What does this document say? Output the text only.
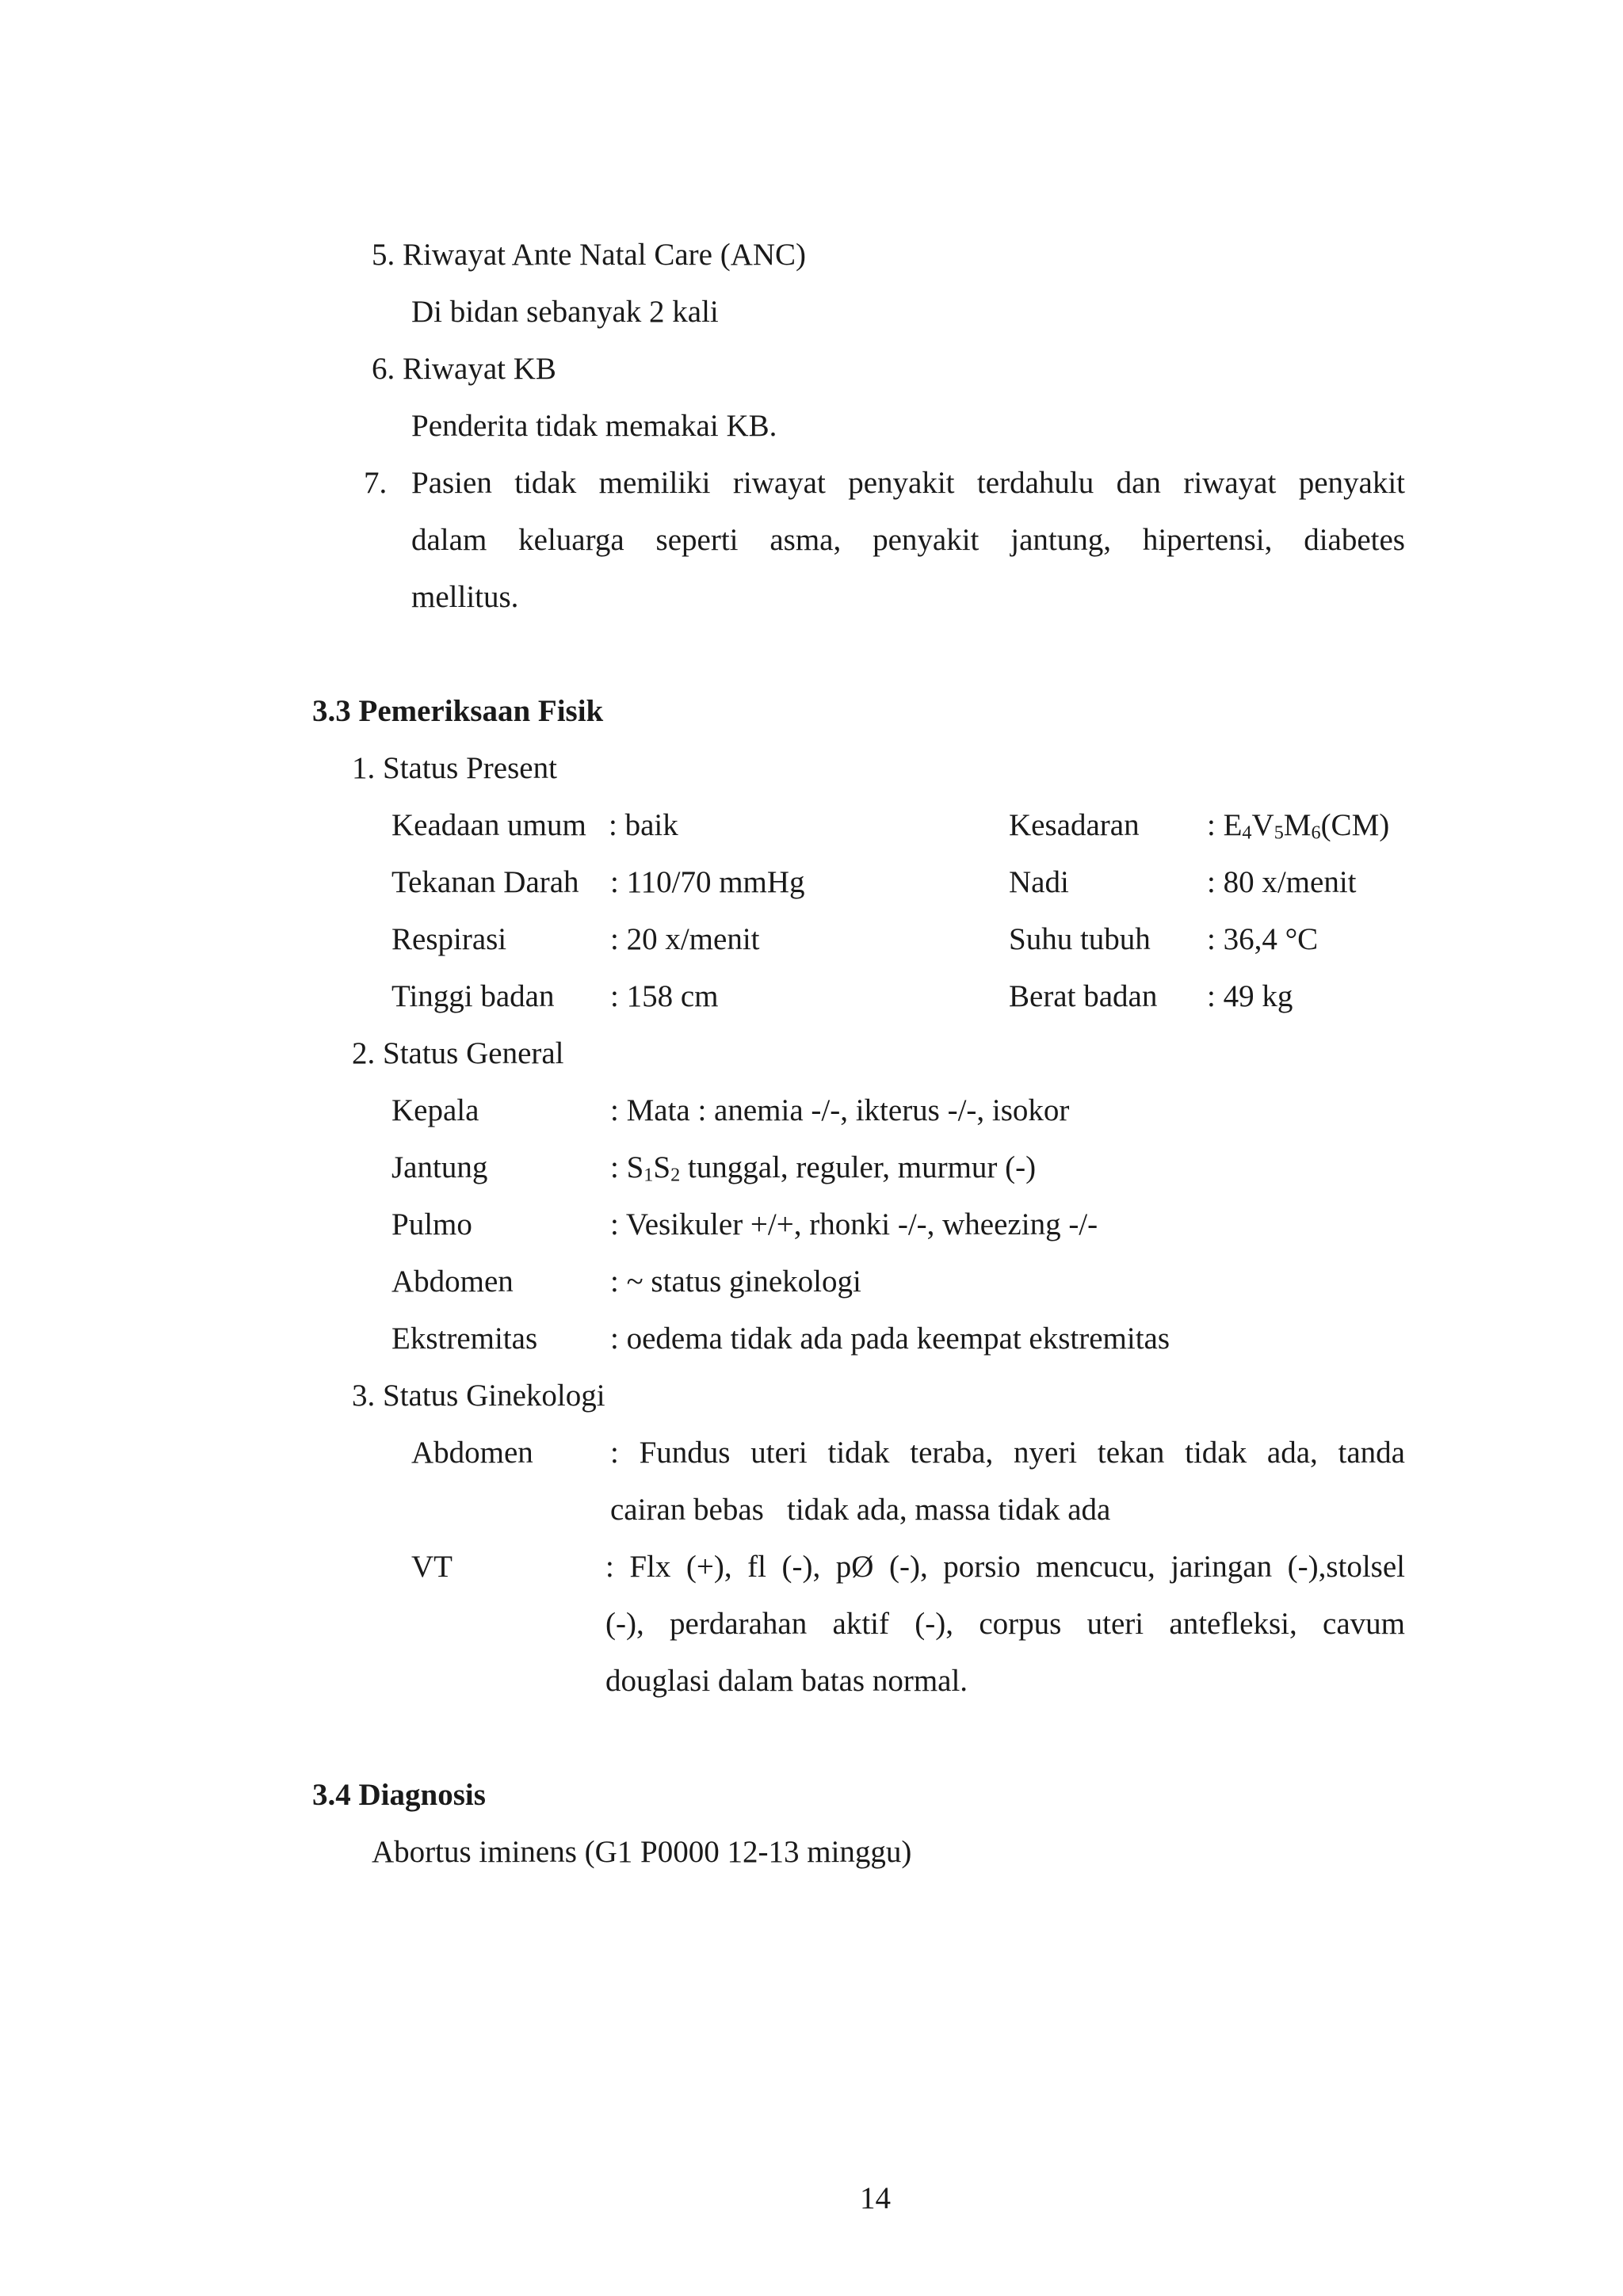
5. Riwayat Ante Natal Care (ANC)
Di bidan sebanyak 2 kali
6. Riwayat KB
Penderita tidak memakai KB.
7. Pasien tidak memiliki riwayat penyakit terdahulu dan riwayat penyakit
dalam keluarga seperti asma, penyakit jantung, hipertensi, diabetes
mellitus.
3.3 Pemeriksaan Fisik
1. Status Present
Keadaan umum : baik	Kesadaran : $E_4V_5M_6(CM)$
Tekanan Darah : 110/70 mmHg	Nadi	: 80 x/menit
Respirasi	: 20 x/menit	Suhu tubuh : 36,4 °C
Tinggi badan : 158 cm	Berat badan : 49 kg
2. Status General
Kepala	: Mata : anemia -/-, ikterus -/-, isokor
Jantung	: $S_1S_2$ tunggal, reguler, murmur (-)
Pulmo	: Vesikuler +/+, rhonki -/-, wheezing -/-
Abdomen	: ~ status ginekologi
Ekstremitas : oedema tidak ada pada keempat ekstremitas
3. Status Ginekologi
Abdomen : Fundus uteri tidak teraba, nyeri tekan tidak ada, tanda
cairan bebas   tidak ada, massa tidak ada
VT	: Flx (+), fl (-), pØ (-), porsio mencucu, jaringan (-),stolsel
(-), perdarahan aktif (-), corpus uteri antefleksi, cavum
douglasi dalam batas normal.
3.4 Diagnosis
Abortus iminens (G1 P0000 12-13 minggu)
14
